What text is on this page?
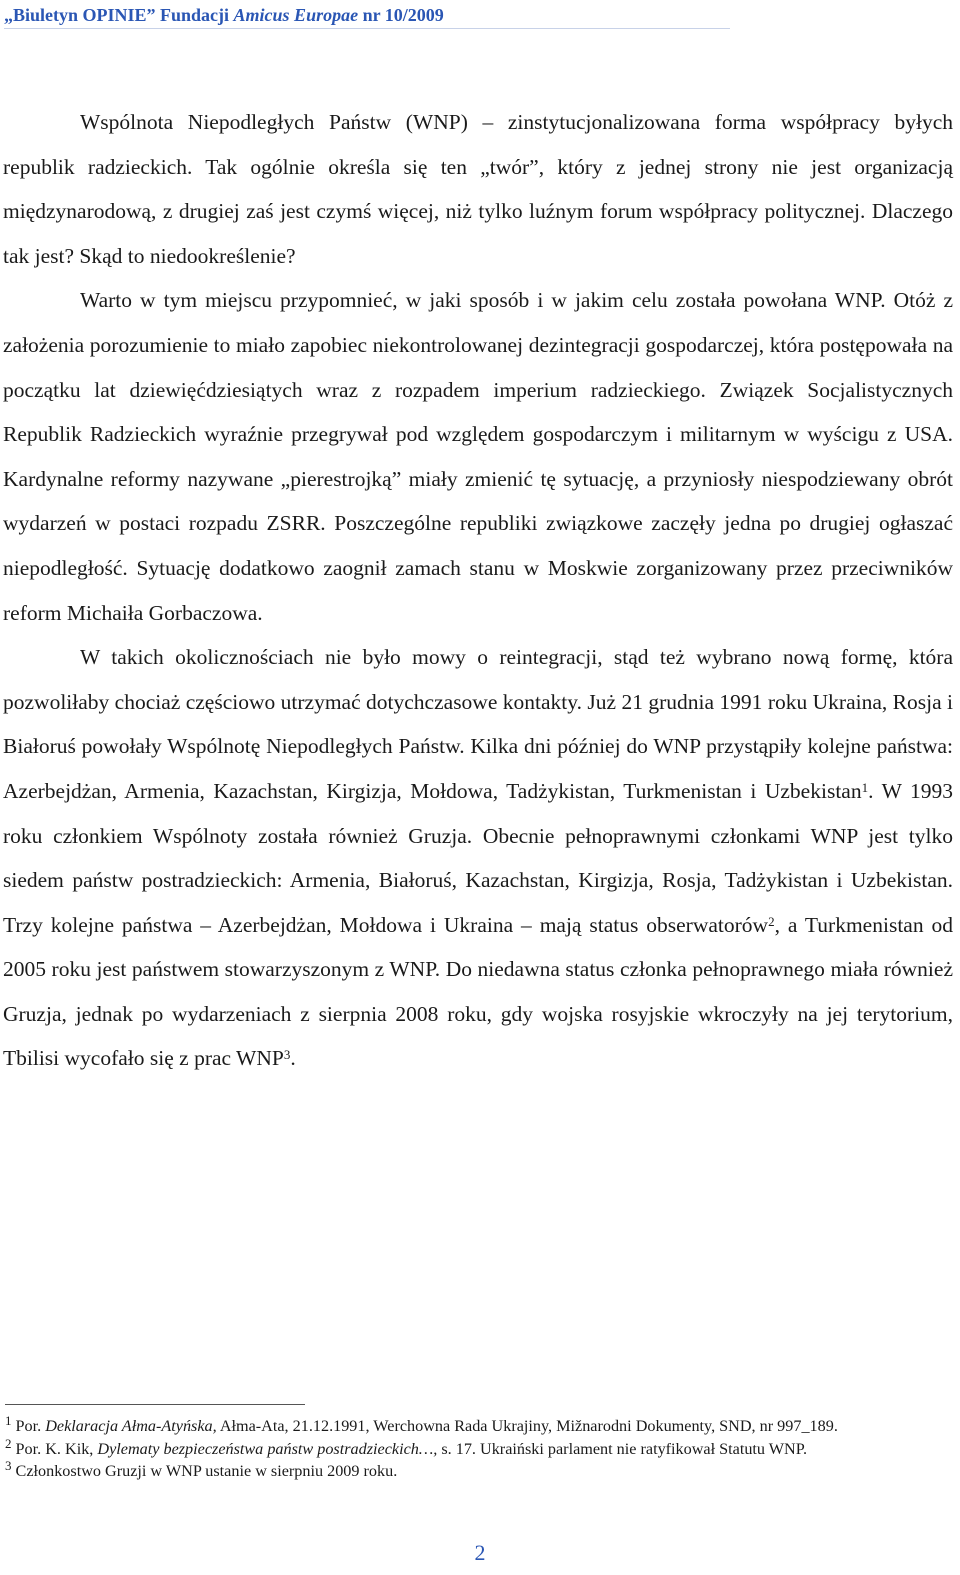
„Biuletyn OPINIE” Fundacji Amicus Europae nr 10/2009

Wspólnota Niepodległych Państw (WNP) – zinstytucjonalizowana forma współpracy byłych republik radzieckich. Tak ogólnie określa się ten „twór”, który z jednej strony nie jest organizacją międzynarodową, z drugiej zaś jest czymś więcej, niż tylko luźnym forum współpracy politycznej. Dlaczego tak jest? Skąd to niedookreślenie?

Warto w tym miejscu przypomnieć, w jaki sposób i w jakim celu została powołana WNP. Otóż z założenia porozumienie to miało zapobiec niekontrolowanej dezintegracji gospodarczej, która postępowała na początku lat dziewięćdziesiątych wraz z rozpadem imperium radzieckiego. Związek Socjalistycznych Republik Radzieckich wyraźnie przegrywał pod względem gospodarczym i militarnym w wyścigu z USA. Kardynalne reformy nazywane „pierestrojką” miały zmienić tę sytuację, a przyniosły niespodziewany obrót wydarzeń w postaci rozpadu ZSRR. Poszczególne republiki związkowe zaczęły jedna po drugiej ogłaszać niepodległość. Sytuację dodatkowo zaognił zamach stanu w Moskwie zorganizowany przez przeciwników reform Michaiła Gorbaczowa.

W takich okolicznościach nie było mowy o reintegracji, stąd też wybrano nową formę, która pozwoliłaby chociaż częściowo utrzymać dotychczasowe kontakty. Już 21 grudnia 1991 roku Ukraina, Rosja i Białoruś powołały Wspólnotę Niepodległych Państw. Kilka dni później do WNP przystąpiły kolejne państwa: Azerbejdżan, Armenia, Kazachstan, Kirgizja, Mołdowa, Tadżykistan, Turkmenistan i Uzbekistan$^1$. W 1993 roku członkiem Wspólnoty została również Gruzja. Obecnie pełnoprawnymi członkami WNP jest tylko siedem państw postradzieckich: Armenia, Białoruś, Kazachstan, Kirgizja, Rosja, Tadżykistan i Uzbekistan. Trzy kolejne państwa – Azerbejdżan, Mołdowa i Ukraina – mają status obserwatorów$^2$, a Turkmenistan od 2005 roku jest państwem stowarzyszonym z WNP. Do niedawna status członka pełnoprawnego miała również Gruzja, jednak po wydarzeniach z sierpnia 2008 roku, gdy wojska rosyjskie wkroczyły na jej terytorium, Tbilisi wycofało się z prac WNP$^3$.

$^1$ Por. Deklaracja Ałma-Atyńska, Ałma-Ata, 21.12.1991, Werchowna Rada Ukrajiny, Mižnarodni Dokumenty, SND, nr 997_189.

$^2$ Por. K. Kik, Dylematy bezpieczeństwa państw postradzieckich…, s. 17. Ukraiński parlament nie ratyfikował Statutu WNP.

$^3$ Członkostwo Gruzji w WNP ustanie w sierpniu 2009 roku.

2
